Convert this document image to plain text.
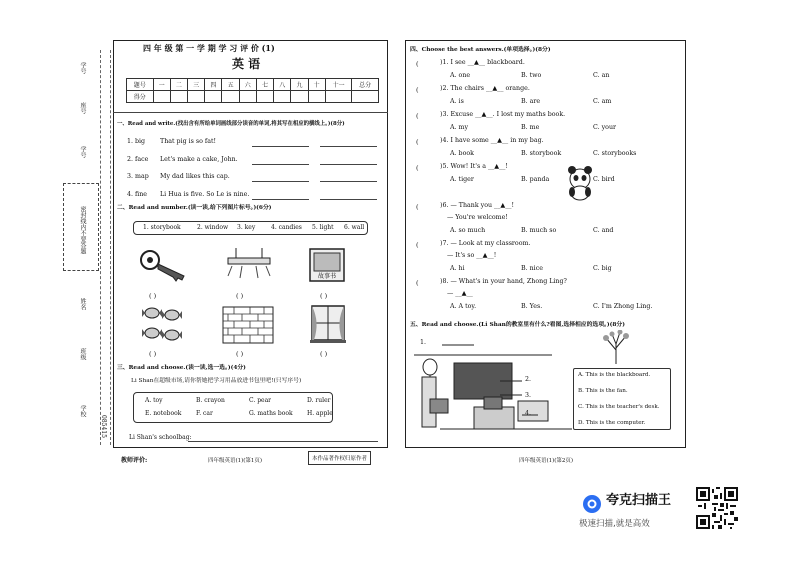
学号
座号
学号
密封线内不要答题
姓名
班级
学校
085415
四 年 级 第 一 学 期 学 习 评 价 (1)
英 语
题号	一	二	三	四	五	六	七	八	九	十	十一	总分
得分												
一、Read and write.(找出含有所给单词画线部分读音的单词,将其写在相应的横线上。)(8分)
二、Read and number.(读一读,给下列图片标号。)(6分)
故事书
三、Read and choose.(读一读,选一选。)(4分)
Li Shan在超级市场,请你帮她把学习用品放进书包里吧!(只写序号)
Li Shan's schoolbag:
教师评价:	四年级英语(1)(第1页)	本作品著作权归原作者
四、Choose the best answers.(单项选择。)(8分)
五、Read and choose.(Li Shan的教室里有什么?看图,选择相应的选项。)(8分)
四年级英语(1)(第2页)
夸克扫描王
极速扫描,就是高效
1. big That pig is so fat!
2. face Let's make a cake, John.
3. map My dad likes this cap.
4. fine Li Hua is five. So Le is nine.
1. storybook	2. window 3. key	4. candies 5. light 6. wall
( )	( )	( )
( )	( )	( )
A. toy	B. crayon	C. pear	D. ruler
E. notebook F. car	G. maths book H. apple
(	)1. I see __▲__ blackboard.
A. one	B. two	C. an
(	)2. The chairs __▲__ orange.
A. is	B. are	C. am
(	)3. Excuse __▲__. I lost my maths book.
A. my	B. me	C. your
(	)4. I have some __▲__ in my bag.
A. book	B. storybook	C. storybooks
(	)5. Wow! It's a __▲__!
A. tiger	B. panda	C. bird
(	)6. — Thank you __▲__!
— You're welcome!
A. so much	B. much so	C. and
(	)7. — Look at my classroom.
— It's so __▲__!
A. hi	B. nice	C. big
(	)8. — What's in your hand, Zhong Ling?
— __▲__
A. A toy.	B. Yes.	C. I'm Zhong Ling.
1.
2.
3.
4.
A. This is the blackboard.
B. This is the fan.
C. This is the teacher's desk.
D. This is the computer.
